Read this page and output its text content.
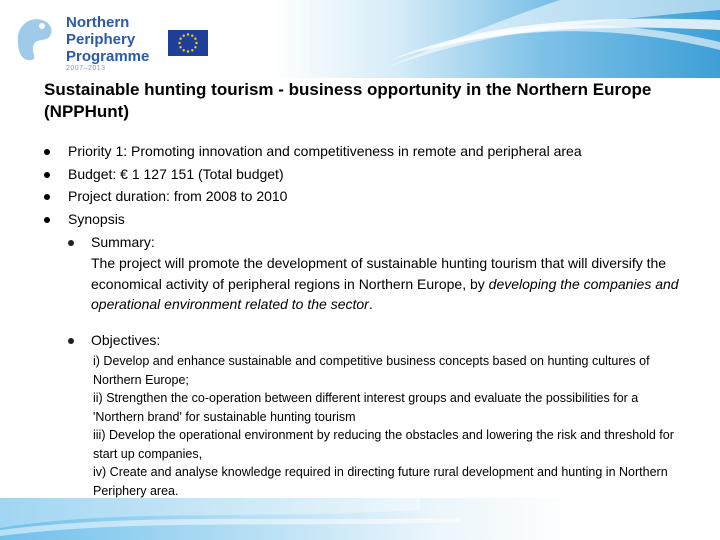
Northern
Periphery
Programme
2007–2013
Sustainable hunting tourism - business opportunity in the Northern Europe (NPPHunt)
Priority 1: Promoting innovation and competitiveness in remote and peripheral area
Budget: € 1 127 151 (Total budget)
Project duration: from 2008 to 2010
Synopsis
Summary:
The project will promote the development of sustainable hunting tourism that will diversify the economical activity of peripheral regions in Northern Europe, by developing the companies and operational environment related to the sector.
Objectives:
i) Develop and enhance sustainable and competitive business concepts based on hunting cultures of Northern Europe;
ii) Strengthen the co-operation between different interest groups and evaluate the possibilities for a 'Northern brand' for sustainable hunting tourism
iii) Develop the operational environment by reducing the obstacles and lowering the risk and threshold for start up companies,
iv) Create and analyse knowledge required in directing future rural development and hunting in Northern Periphery area.
